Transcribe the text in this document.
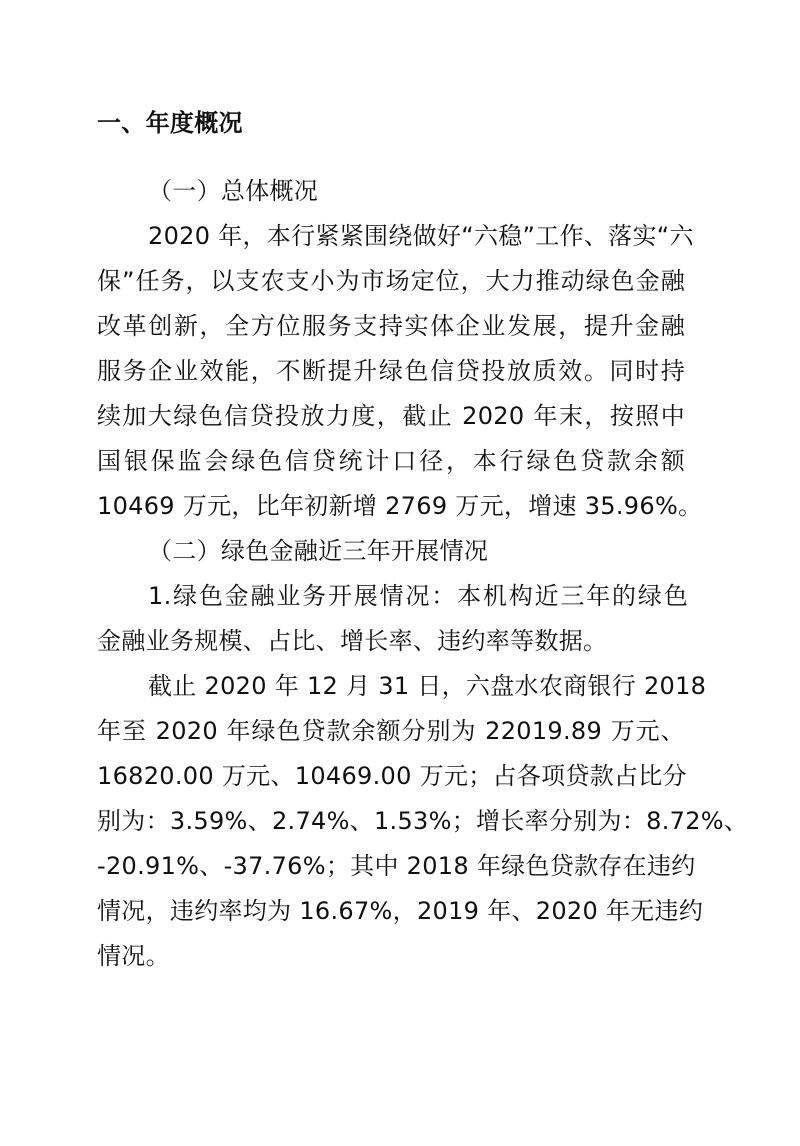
一、年度概况
（一）总体概况
2020 年，本行紧紧围绕做好“六稳”工作、落实“六
保”任务，以支农支小为市场定位，大力推动绿色金融
改革创新，全方位服务支持实体企业发展，提升金融
服务企业效能，不断提升绿色信贷投放质效。同时持
续加大绿色信贷投放力度，截止 2020 年末，按照中
国银保监会绿色信贷统计口径，本行绿色贷款余额
10469 万元，比年初新增 2769 万元，增速 35.96%。
（二）绿色金融近三年开展情况
1.绿色金融业务开展情况：本机构近三年的绿色
金融业务规模、占比、增长率、违约率等数据。
截止 2020 年 12 月 31 日，六盘水农商银行 2018
年至 2020 年绿色贷款余额分别为 22019.89 万元、
16820.00 万元、10469.00 万元；占各项贷款占比分
别为：3.59%、2.74%、1.53%；增长率分别为：8.72%、
-20.91%、-37.76%；其中 2018 年绿色贷款存在违约
情况，违约率均为 16.67%，2019 年、2020 年无违约
情况。
